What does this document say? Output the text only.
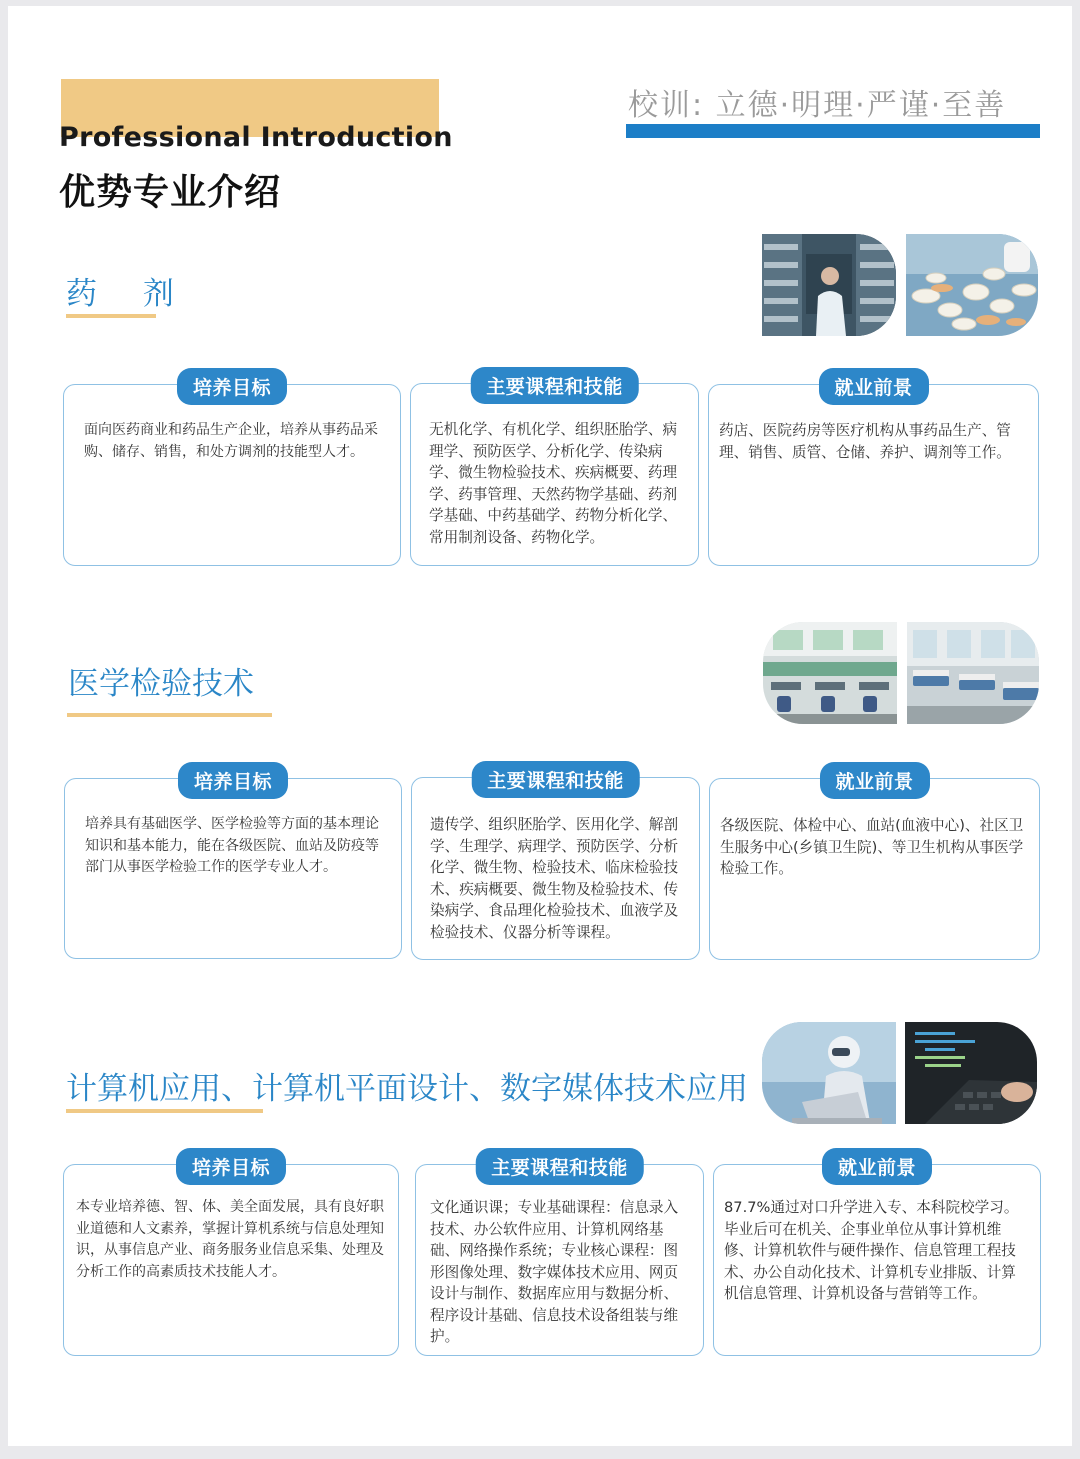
Professional Introduction
优势专业介绍
校训: 立德·明理·严谨·至善
药 剂
培养目标
面向医药商业和药品生产企业，培养从事药品采购、储存、销售，和处方调剂的技能型人才。
主要课程和技能
无机化学、有机化学、组织胚胎学、病理学、预防医学、分析化学、传染病学、微生物检验技术、疾病概要、药理学、药事管理、天然药物学基础、药剂学基础、中药基础学、药物分析化学、常用制剂设备、药物化学。
就业前景
药店、医院药房等医疗机构从事药品生产、管理、销售、质管、仓储、养护、调剂等工作。
医学检验技术
培养目标
培养具有基础医学、医学检验等方面的基本理论知识和基本能力，能在各级医院、血站及防疫等部门从事医学检验工作的医学专业人才。
主要课程和技能
遗传学、组织胚胎学、医用化学、解剖学、生理学、病理学、预防医学、分析化学、微生物、检验技术、临床检验技术、疾病概要、微生物及检验技术、传染病学、食品理化检验技术、血液学及检验技术、仪器分析等课程。
就业前景
各级医院、体检中心、血站(血液中心)、社区卫生服务中心(乡镇卫生院)、等卫生机构从事医学检验工作。
计算机应用、计算机平面设计、数字媒体技术应用
培养目标
本专业培养德、智、体、美全面发展，具有良好职业道德和人文素养，掌握计算机系统与信息处理知识，从事信息产业、商务服务业信息采集、处理及分析工作的高素质技术技能人才。
主要课程和技能
文化通识课；专业基础课程：信息录入技术、办公软件应用、计算机网络基础、网络操作系统；专业核心课程：图形图像处理、数字媒体技术应用、网页设计与制作、数据库应用与数据分析、程序设计基础、信息技术设备组装与维护。
就业前景
87.7%通过对口升学进入专、本科院校学习。毕业后可在机关、企事业单位从事计算机维修、计算机软件与硬件操作、信息管理工程技术、办公自动化技术、计算机专业排版、计算机信息管理、计算机设备与营销等工作。
